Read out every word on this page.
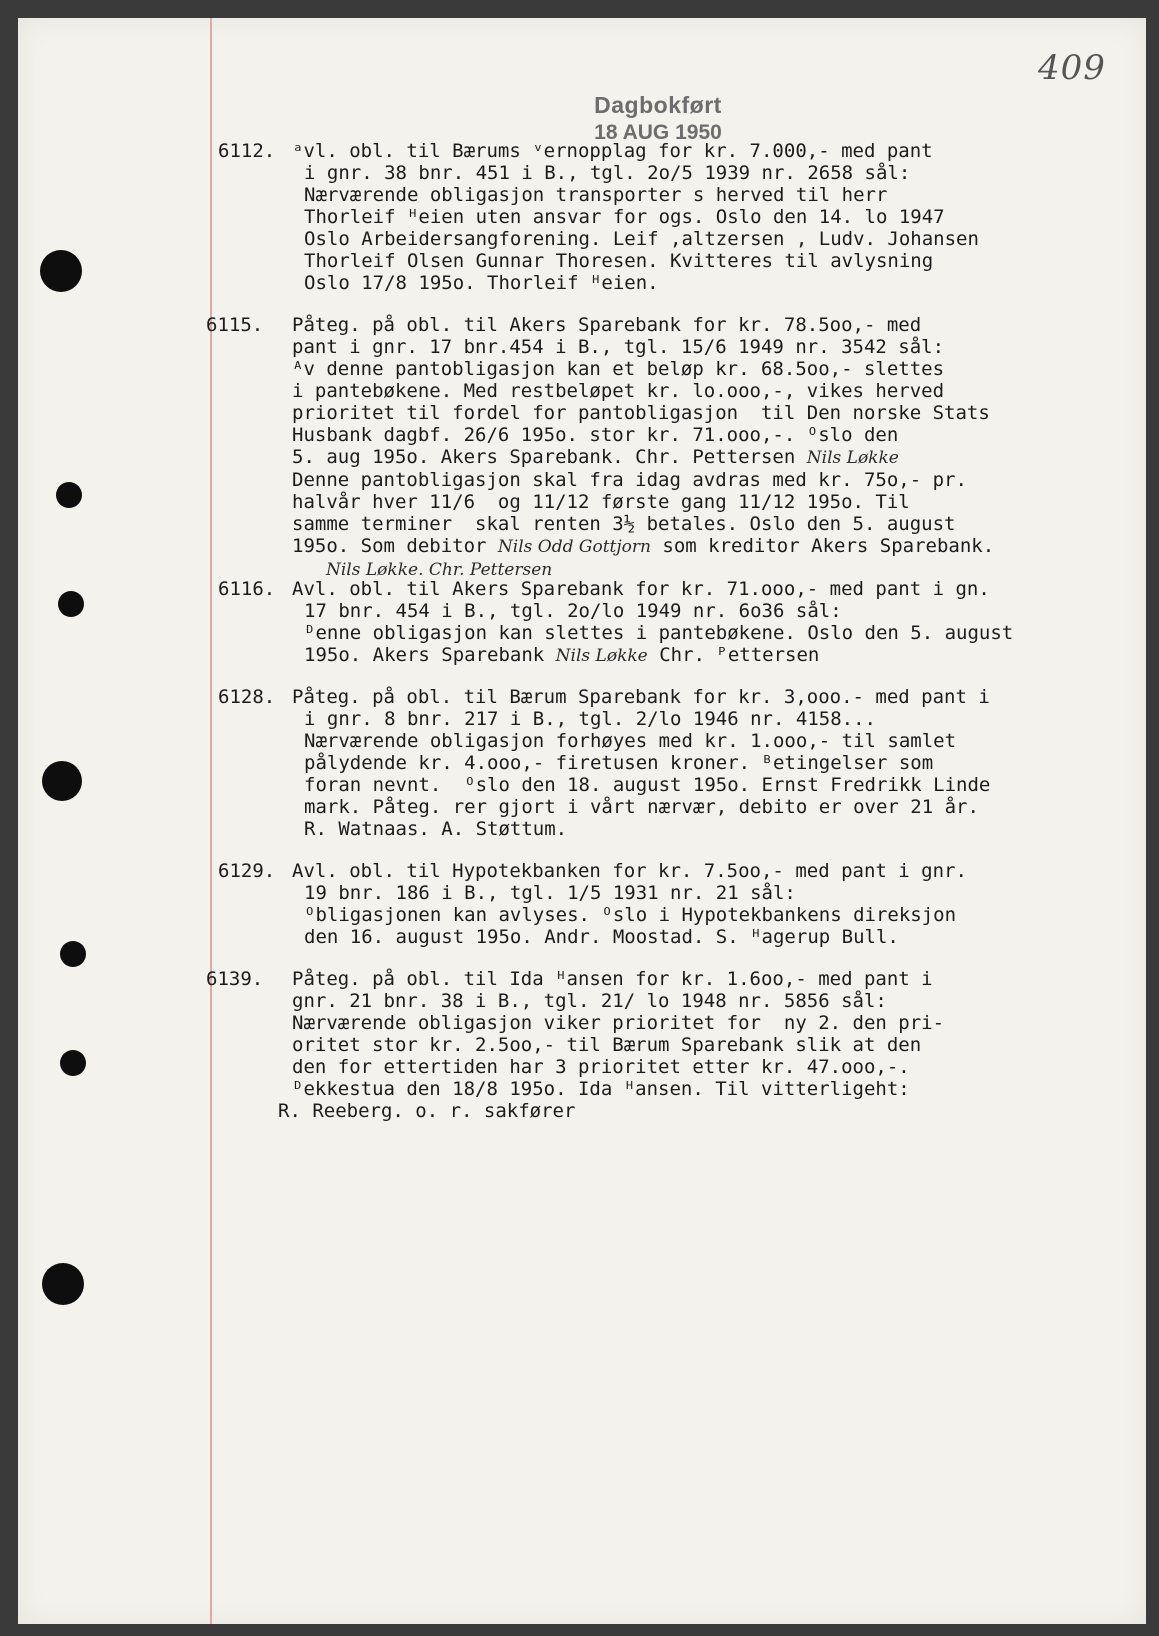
409
Dagbokført
18 AUG 1950
6112. ᵃvl. obl. til Bærums ᵛernopplag for kr. 7.000,- med pant
i gnr. 38 bnr. 451 i B., tgl. 2o/5 1939 nr. 2658 sål:
Nærværende obligasjon transporter s herved til herr
Thorleif ᴴeien uten ansvar for ogs. Oslo den 14. lo 1947
Oslo Arbeidersangforening. Leif ,altzersen , Ludv. Johansen
Thorleif Olsen Gunnar Thoresen. Kvitteres til avlysning
Oslo 17/8 195o. Thorleif ᴴeien.
6115. Påteg. på obl. til Akers Sparebank for kr. 78.5oo,- med
pant i gnr. 17 bnr.454 i B., tgl. 15/6 1949 nr. 3542 sål:
ᴬv denne pantobligasjon kan et beløp kr. 68.5oo,- slettes
i pantebøkene. Med restbeløpet kr. lo.ooo,-, vikes herved
prioritet til fordel for pantobligasjon  til Den norske Stats
Husbank dagbf. 26/6 195o. stor kr. 71.ooo,-. ᴼslo den
5. aug 195o. Akers Sparebank. Chr. Pettersen Nils Løkke
Denne pantobligasjon skal fra idag avdras med kr. 75o,- pr.
halvår hver 11/6  og 11/12 første gang 11/12 195o. Til
samme terminer  skal renten 3½ betales. Oslo den 5. august
195o. Som debitor Nils Odd Gottjorn som kreditor Akers Sparebank.
Nils Løkke. Chr. Pettersen
6116. Avl. obl. til Akers Sparebank for kr. 71.ooo,- med pant i gn.
17 bnr. 454 i B., tgl. 2o/lo 1949 nr. 6o36 sål:
ᴰenne obligasjon kan slettes i pantebøkene. Oslo den 5. august
195o. Akers Sparebank Nils Løkke Chr. ᴾettersen
6128. Påteg. på obl. til Bærum Sparebank for kr. 3,ooo.- med pant i
i gnr. 8 bnr. 217 i B., tgl. 2/lo 1946 nr. 4158...
Nærværende obligasjon forhøyes med kr. 1.ooo,- til samlet
pålydende kr. 4.ooo,- firetusen kroner. ᴮetingelser som
foran nevnt.  ᴼslo den 18. august 195o. Ernst Fredrikk Linde
mark. Påteg. rer gjort i vårt nærvær, debito er over 21 år.
R. Watnaas. A. Støttum.
6129. Avl. obl. til Hypotekbanken for kr. 7.5oo,- med pant i gnr.
19 bnr. 186 i B., tgl. 1/5 1931 nr. 21 sål:
ᴼbligasjonen kan avlyses. ᴼslo i Hypotekbankens direksjon
den 16. august 195o. Andr. Moostad. S. ᴴagerup Bull.
6139. Påteg. på obl. til Ida ᴴansen for kr. 1.6oo,- med pant i
gnr. 21 bnr. 38 i B., tgl. 21/ lo 1948 nr. 5856 sål:
Nærværende obligasjon viker prioritet for  ny 2. den pri-
oritet stor kr. 2.5oo,- til Bærum Sparebank slik at den
den for ettertiden har 3 prioritet etter kr. 47.ooo,-.
ᴰekkestua den 18/8 195o. Ida ᴴansen. Til vitterligeht:
R. Reeberg. o. r. sakfører
